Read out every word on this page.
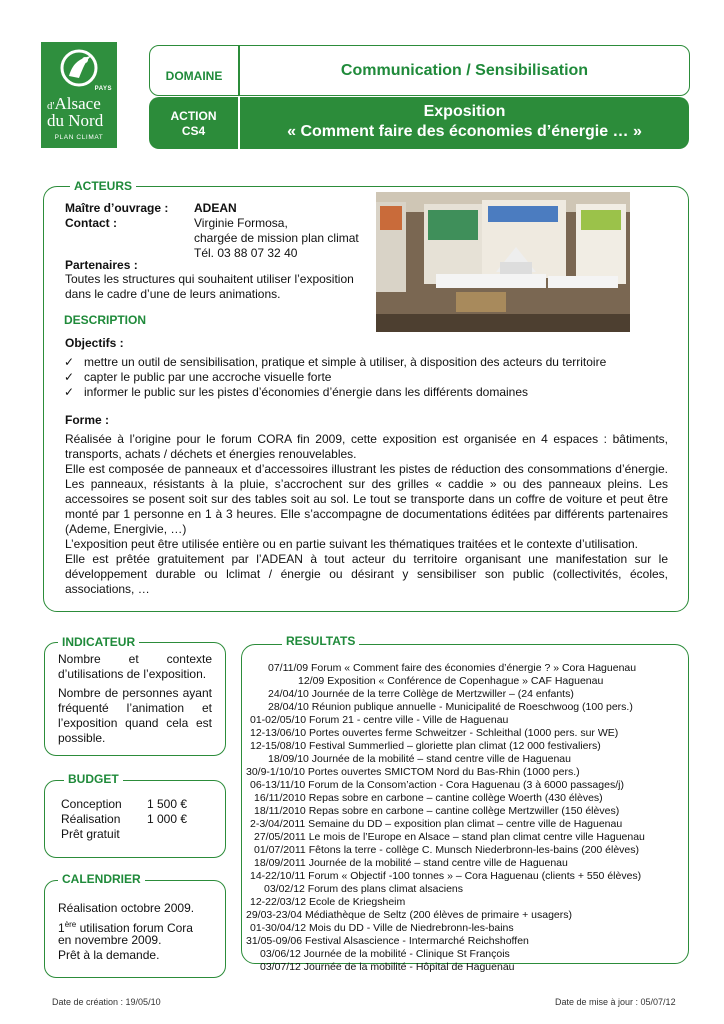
PAYS
d'Alsace
du Nord
PLAN CLIMAT
DOMAINE	Communication / Sensibilisation
ACTION
CS4
Exposition
« Comment faire des économies d’énergie … »
ACTEURS
Maître d’ouvrage : ADEAN
Contact :	Virginie Formosa,
chargée de mission plan climat
Tél. 03 88 07 32 40
Partenaires :
Toutes les structures qui souhaitent utiliser l’exposition
dans le cadre d’une de leurs animations.
DESCRIPTION
Objectifs :
✓ mettre un outil de sensibilisation, pratique et simple à utiliser, à disposition des acteurs du territoire
✓ capter le public par une accroche visuelle forte
✓ informer le public sur les pistes d’économies d’énergie dans les différents domaines
Forme :
Réalisée à l’origine pour le forum CORA fin 2009, cette exposition est organisée en 4 espaces : bâtiments, transports, achats / déchets et énergies renouvelables.
Elle est composée de panneaux et d’accessoires illustrant les pistes de réduction des consommations d’énergie. Les panneaux, résistants à la pluie, s’accrochent sur des grilles « caddie » ou des panneaux pleins. Les accessoires se posent soit sur des tables soit au sol. Le tout se transporte dans un coffre de voiture et peut être monté par 1 personne en 1 à 3 heures. Elle s’accompagne de documentations éditées par différents partenaires (Ademe, Energivie, …)
L’exposition peut être utilisée entière ou en partie suivant les thématiques traitées et le contexte d’utilisation.
Elle est prêtée gratuitement par l’ADEAN à tout acteur du territoire organisant une manifestation sur le développement durable ou lclimat / énergie ou désirant y sensibiliser son public (collectivités, écoles, associations, …
INDICATEUR
Nombre et contexte d’utilisations de l’exposition.
Nombre de personnes ayant fréquenté l’animation et l’exposition quand cela est possible.
BUDGET
Conception 1 500 €
Réalisation 1 000 €
Prêt gratuit
CALENDRIER
Réalisation octobre 2009.
1ère utilisation forum Cora
en novembre 2009.
Prêt à la demande.
RESULTATS
07/11/09 Forum « Comment faire des économies d’énergie ? » Cora Haguenau
12/09 Exposition « Conférence de Copenhague » CAF Haguenau
24/04/10 Journée de la terre Collège de Mertzwiller – (24 enfants)
28/04/10 Réunion publique annuelle - Municipalité de Roeschwoog (100 pers.)
01-02/05/10 Forum 21 - centre ville - Ville de Haguenau
12-13/06/10 Portes ouvertes ferme Schweitzer - Schleithal (1000 pers. sur WE)
12-15/08/10 Festival Summerlied – gloriette plan climat (12 000 festivaliers)
18/09/10 Journée de la mobilité – stand centre ville de Haguenau
30/9-1/10/10 Portes ouvertes SMICTOM Nord du Bas-Rhin (1000 pers.)
06-13/11/10 Forum de la Consom’action - Cora Haguenau (3 à 6000 passages/j)
16/11/2010 Repas sobre en carbone – cantine collège Woerth (430 élèves)
18/11/2010 Repas sobre en carbone – cantine collège Mertzwiller (150 élèves)
2-3/04/2011 Semaine du DD – exposition plan climat – centre ville de Haguenau
27/05/2011 Le mois de l’Europe en Alsace – stand plan climat centre ville Haguenau
01/07/2011 Fêtons la terre - collège C. Munsch Niederbronn-les-bains (200 élèves)
18/09/2011 Journée de la mobilité – stand centre ville de Haguenau
14-22/10/11 Forum « Objectif -100 tonnes » – Cora Haguenau (clients + 550 élèves)
03/02/12 Forum des plans climat alsaciens
12-22/03/12 Ecole de Kriegsheim
29/03-23/04 Médiathèque de Seltz (200 élèves de primaire + usagers)
01-30/04/12 Mois du DD - Ville de Niedrebronn-les-bains
31/05-09/06 Festival Alsascience - Intermarché Reichshoffen
03/06/12 Journée de la mobilité - Clinique St François
03/07/12 Journée de la mobilité - Hôpital de Haguenau
Date de création : 19/05/10	Date de mise à jour : 05/07/12
